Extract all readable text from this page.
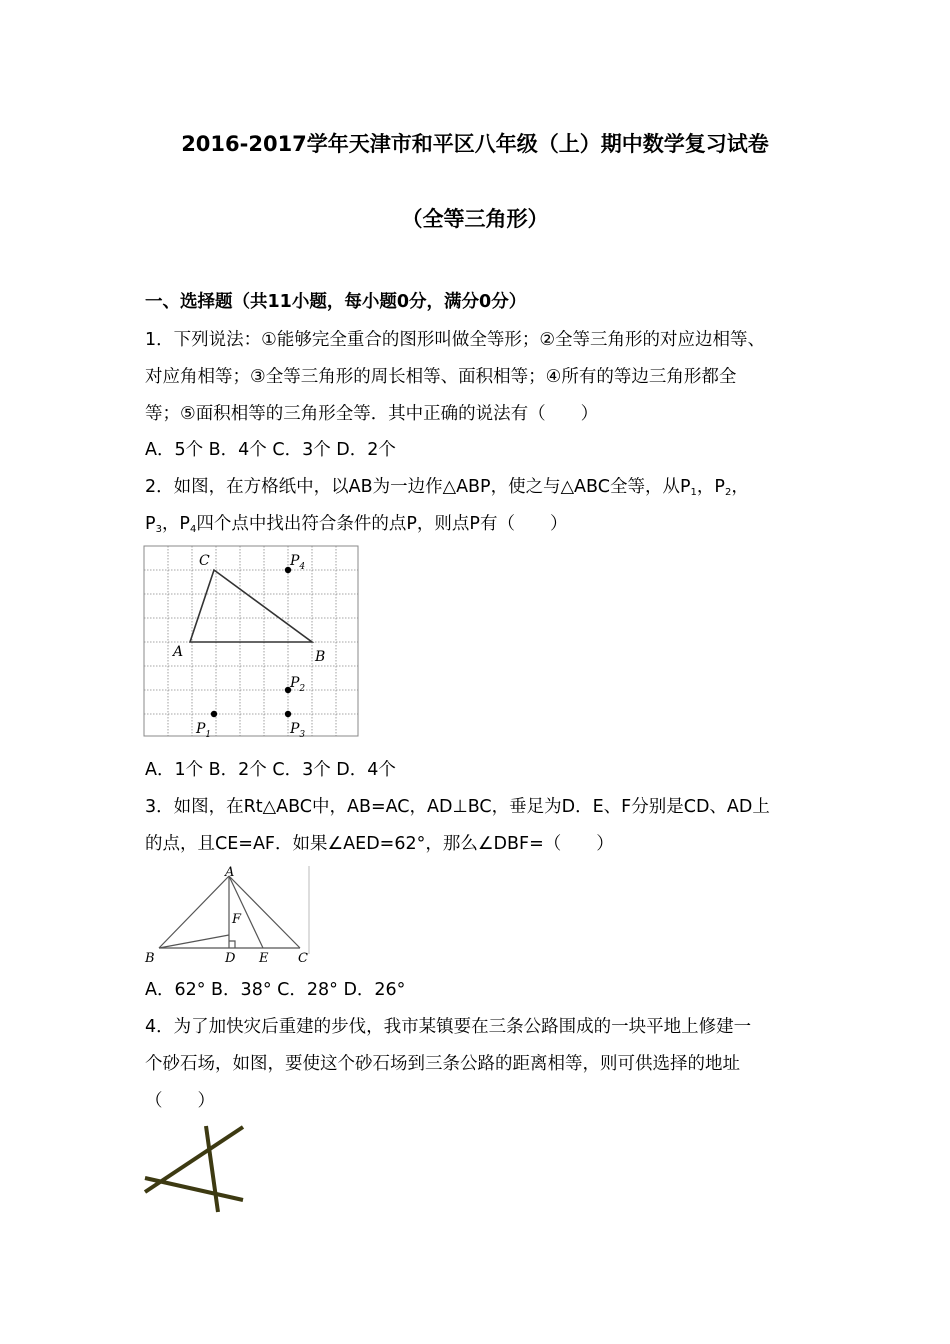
2016-2017学年天津市和平区八年级（上）期中数学复习试卷
（全等三角形）
一、选择题（共11小题，每小题0分，满分0分）
1．下列说法：①能够完全重合的图形叫做全等形；②全等三角形的对应边相等、
对应角相等；③全等三角形的周长相等、面积相等；④所有的等边三角形都全
等；⑤面积相等的三角形全等．其中正确的说法有（　　）
A．5个 B．4个 C．3个 D．2个
2．如图，在方格纸中，以AB为一边作△ABP，使之与△ABC全等，从$P_1$，$P_2$，
$P_3$，$P_4$四个点中找出符合条件的点P，则点P有（　　）
C
A	B
$P_4$
$P_2$
$P_1$	$P_3$
A．1个 B．2个 C．3个 D．4个
3．如图，在Rt△ABC中，AB=AC，AD⊥BC，垂足为D．E、F分别是CD、AD上
的点，且CE=AF．如果∠AED=62°，那么∠DBF=（　　）
A
B	C
D E
F
A．62° B．38° C．28° D．26°
4．为了加快灾后重建的步伐，我市某镇要在三条公路围成的一块平地上修建一
个砂石场，如图，要使这个砂石场到三条公路的距离相等，则可供选择的地址
（　　）
